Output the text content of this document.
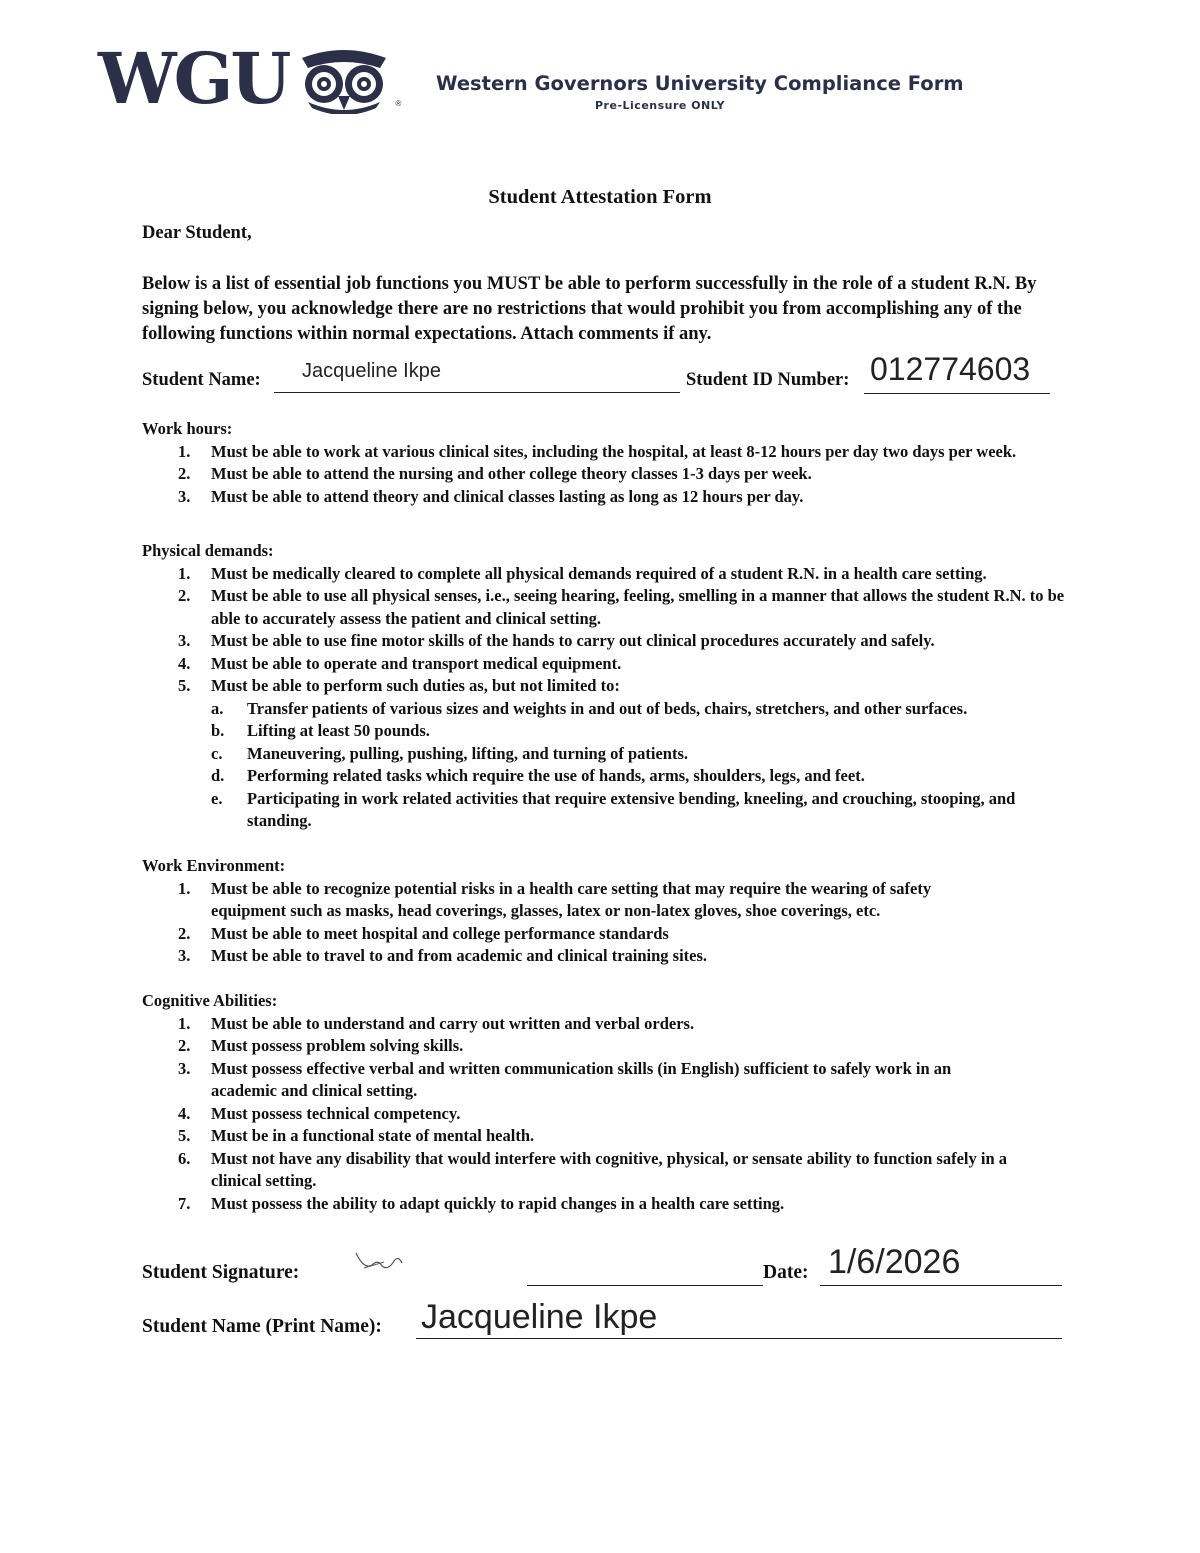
WGU	®
Western Governors University Compliance Form
Pre-Licensure ONLY
Student Attestation Form
Dear Student,
Below is a list of essential job functions you MUST be able to perform successfully in the role of a student R.N. By signing below, you acknowledge there are no restrictions that would prohibit you from accomplishing any of the following functions within normal expectations. Attach comments if any.
Student Name: Jacqueline Ikpe	Student ID Number: 012774603
Work hours:
1. Must be able to work at various clinical sites, including the hospital, at least 8-12 hours per day two days per week.
2. Must be able to attend the nursing and other college theory classes 1-3 days per week.
3. Must be able to attend theory and clinical classes lasting as long as 12 hours per day.
Physical demands:
1. Must be medically cleared to complete all physical demands required of a student R.N. in a health care setting.
2. Must be able to use all physical senses, i.e., seeing hearing, feeling, smelling in a manner that allows the student R.N. to be able to accurately assess the patient and clinical setting.
3. Must be able to use fine motor skills of the hands to carry out clinical procedures accurately and safely.
4. Must be able to operate and transport medical equipment.
5. Must be able to perform such duties as, but not limited to:
a. Transfer patients of various sizes and weights in and out of beds, chairs, stretchers, and other surfaces.
b. Lifting at least 50 pounds.
c. Maneuvering, pulling, pushing, lifting, and turning of patients.
d. Performing related tasks which require the use of hands, arms, shoulders, legs, and feet.
e. Participating in work related activities that require extensive bending, kneeling, and crouching, stooping, and standing.
Work Environment:
1. Must be able to recognize potential risks in a health care setting that may require the wearing of safety equipment such as masks, head coverings, glasses, latex or non-latex gloves, shoe coverings, etc.
2. Must be able to meet hospital and college performance standards
3. Must be able to travel to and from academic and clinical training sites.
Cognitive Abilities:
1. Must be able to understand and carry out written and verbal orders.
2. Must possess problem solving skills.
3. Must possess effective verbal and written communication skills (in English) sufficient to safely work in an academic and clinical setting.
4. Must possess technical competency.
5. Must be in a functional state of mental health.
6. Must not have any disability that would interfere with cognitive, physical, or sensate ability to function safely in a clinical setting.
7. Must possess the ability to adapt quickly to rapid changes in a health care setting.
Student Signature:	Date: 1/6/2026
Student Name (Print Name): Jacqueline Ikpe
